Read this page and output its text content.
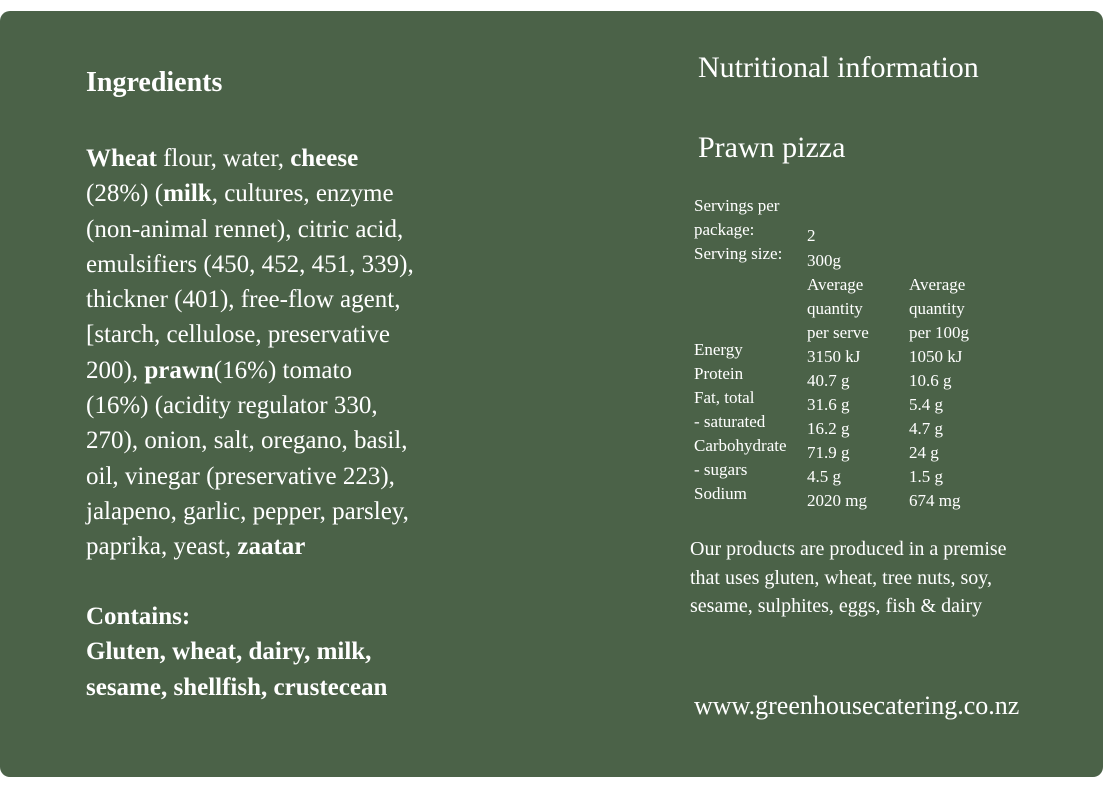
Ingredients

Wheat flour, water, cheese
(28%) (milk, cultures, enzyme
(non-animal rennet), citric acid,
emulsifiers (450, 452, 451, 339),
thickner (401), free-flow agent,
[starch, cellulose, preservative
200), prawn(16%) tomato
(16%) (acidity regulator 330,
270), onion, salt, oregano, basil,
oil, vinegar (preservative 223),
jalapeno, garlic, pepper, parsley,
paprika, yeast, zaatar

Contains:
Gluten, wheat, dairy, milk,
sesame, shellfish, crustecean
Nutritional information
Prawn pizza
Servings per
package:	2
Serving size: 300g
Average
quantity
per serve
Average
quantity
per 100g
Energy
Protein
Fat, total
- saturated
Carbohydrate
- sugars
Sodium
3150 kJ
40.7 g
31.6 g
16.2 g
71.9 g
4.5 g
2020 mg
1050 kJ
10.6 g
5.4 g
4.7 g
24 g
1.5 g
674 mg
Our products are produced in a premise that uses gluten, wheat, tree nuts, soy, sesame, sulphites, eggs, fish & dairy
www.greenhousecatering.co.nz
